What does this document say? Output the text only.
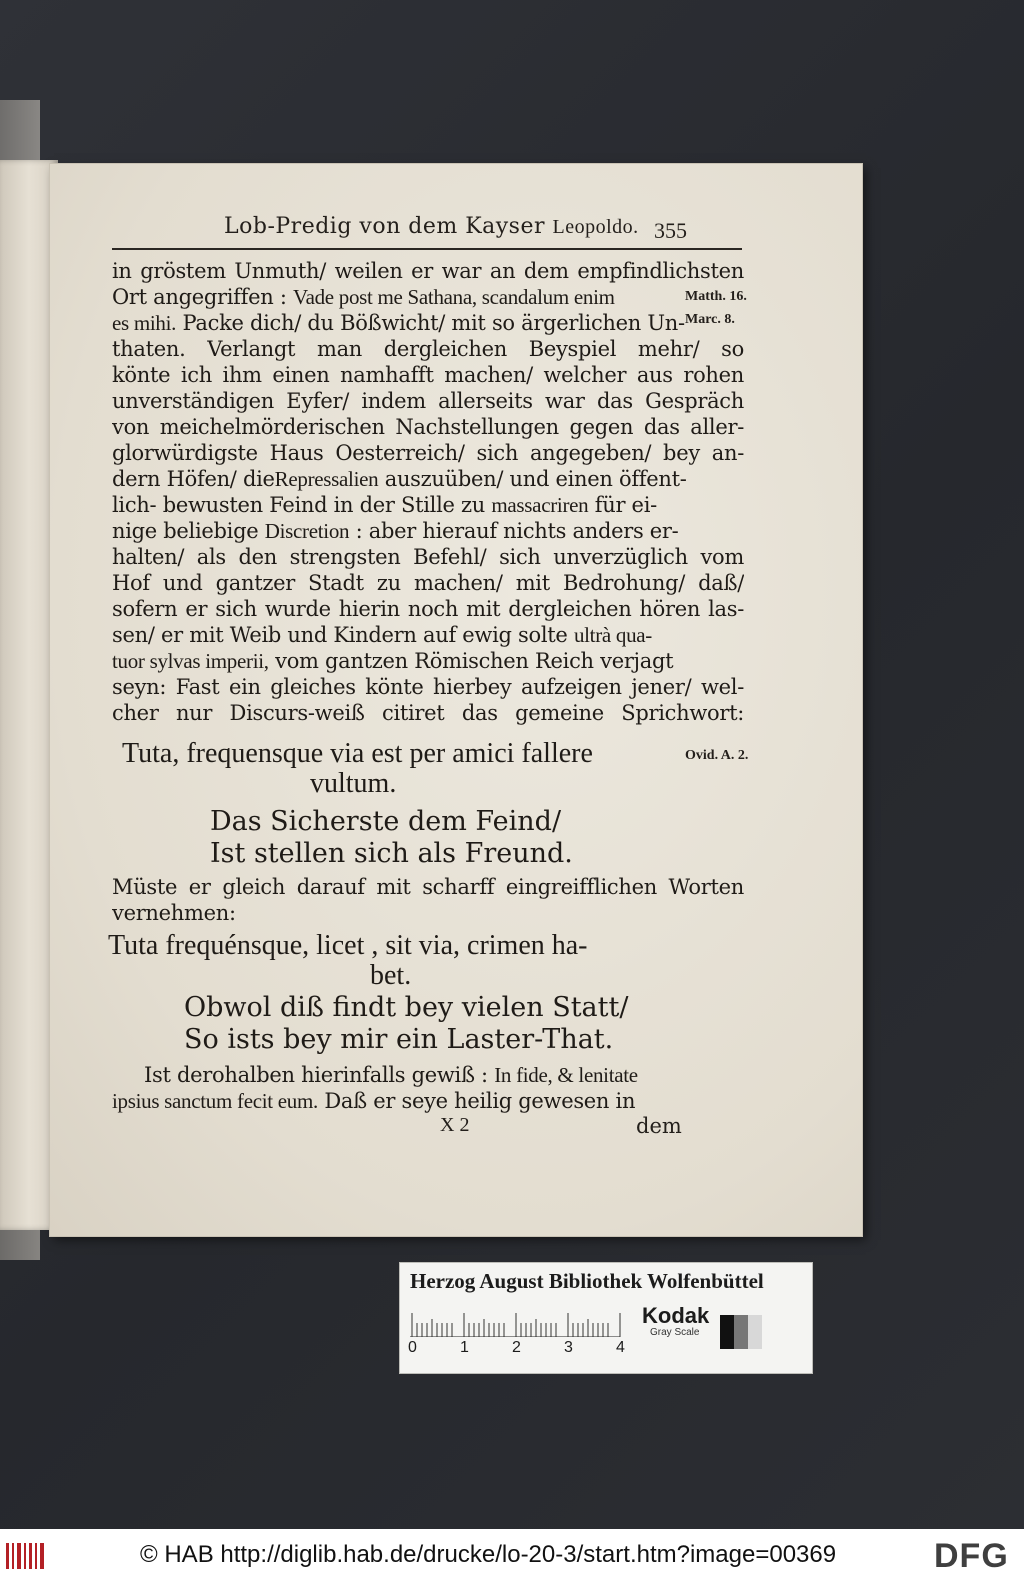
Lob-Predig von dem Kayser Leopoldo. 355
in gröstem Unmuth/ weilen er war an dem empfindlichsten
Ort angegriffen : Vade post me Sathana, scandalum enim
es mihi. Packe dich/ du Bößwicht/ mit so ärgerlichen Un-
thaten. Verlangt man dergleichen Beyspiel mehr/ so
könte ich ihm einen namhafft machen/ welcher aus rohen
unverständigen Eyfer/ indem allerseits war das Gespräch
von meichelmörderischen Nachstellungen gegen das aller-
glorwürdigste Haus Oesterreich/ sich angegeben/ bey an-
dern Höfen/ dieRepressalien auszuüben/ und einen öffent-
lich- bewusten Feind in der Stille zu massacriren für ei-
nige beliebige Discretion : aber hierauf nichts anders er-
halten/ als den strengsten Befehl/ sich unverzüglich vom
Hof und gantzer Stadt zu machen/ mit Bedrohung/ daß/
sofern er sich wurde hierin noch mit dergleichen hören las-
sen/ er mit Weib und Kindern auf ewig solte ultrà qua-
tuor sylvas imperii, vom gantzen Römischen Reich verjagt
seyn: Fast ein gleiches könte hierbey aufzeigen jener/ wel-
cher nur Discurs-weiß citiret das gemeine Sprichwort:
Matth. 16.
Marc. 8.
Tuta, frequensque via est per amici fallere
vultum.
Ovid. A. 2.
Das Sicherste dem Feind/
Ist stellen sich als Freund.
Müste er gleich darauf mit scharff eingreifflichen Worten
vernehmen:
Tuta frequénsque, licet , sit via, crimen ha-
bet.
Obwol diß findt bey vielen Statt/
So ists bey mir ein Laster-That.
Ist derohalben hierinfalls gewiß : In fide, & lenitate
ipsius sanctum fecit eum. Daß er seye heilig gewesen in
X 2	dem
Herzog August Bibliothek Wolfenbüttel
0	1	2	3	4
Kodak
Gray Scale
© HAB http://diglib.hab.de/drucke/lo-20-3/start.htm?image=00369	DFG
